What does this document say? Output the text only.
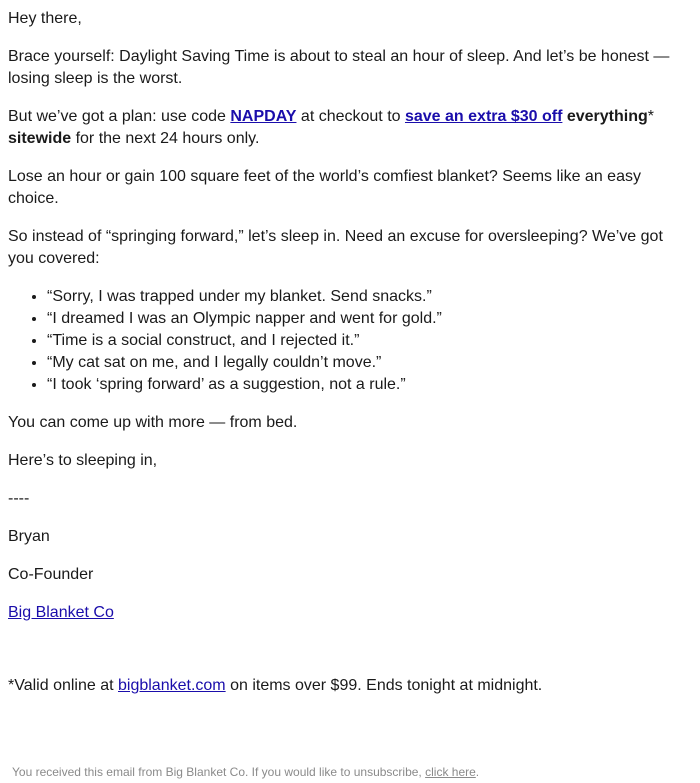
Hey there,

Brace yourself: Daylight Saving Time is about to steal an hour of sleep. And let’s be honest — losing sleep is the worst.

But we’ve got a plan: use code NAPDAY at checkout to save an extra $30 off everything* sitewide for the next 24 hours only.

Lose an hour or gain 100 square feet of the world’s comfiest blanket? Seems like an easy choice.

So instead of “springing forward,” let’s sleep in. Need an excuse for oversleeping? We’ve got you covered:

• “Sorry, I was trapped under my blanket. Send snacks.”
• “I dreamed I was an Olympic napper and went for gold.”
• “Time is a social construct, and I rejected it.”
• “My cat sat on me, and I legally couldn’t move.”
• “I took ‘spring forward’ as a suggestion, not a rule.”

You can come up with more — from bed.

Here’s to sleeping in,

----

Bryan

Co-Founder

Big Blanket Co

*Valid online at bigblanket.com on items over $99. Ends tonight at midnight.

You received this email from Big Blanket Co. If you would like to unsubscribe, click here.
